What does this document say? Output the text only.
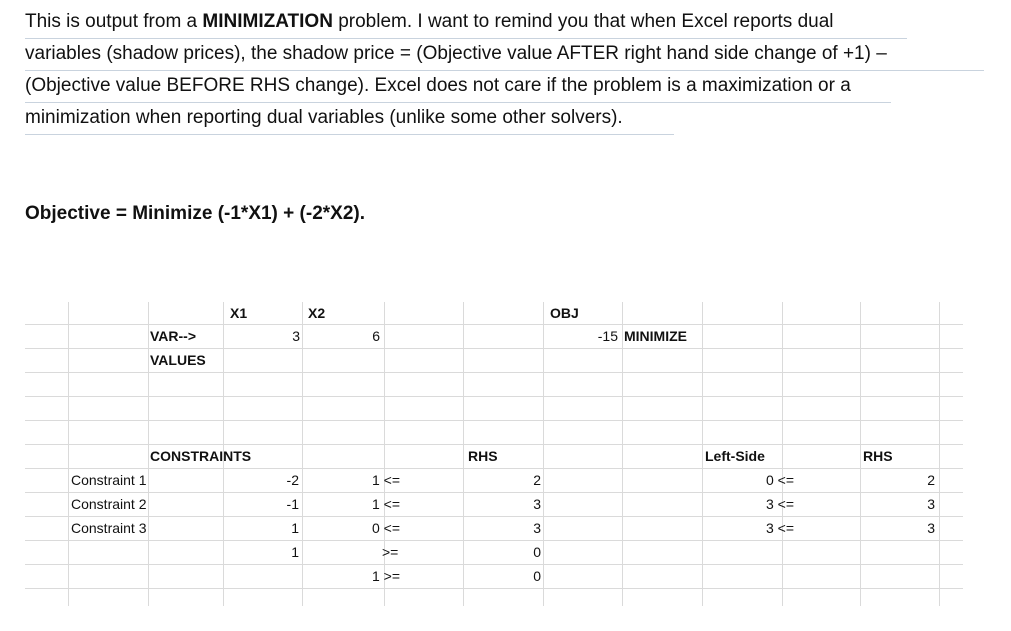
This is output from a MINIMIZATION problem. I want to remind you that when Excel reports dual
variables (shadow prices), the shadow price = (Objective value AFTER right hand side change of +1) –
(Objective value BEFORE RHS change). Excel does not care if the problem is a maximization or a
minimization when reporting dual variables (unlike some other solvers).
Objective = Minimize (-1*X1) + (-2*X2).
X1	X2	OBJ
VAR-->	3	6	-15 MINIMIZE
VALUES
CONSTRAINTS	RHS	Left-Side	RHS
Constraint 1	-2	1 <=	2	0 <=	2
Constraint 2	-1	1 <=	3	3 <=	3
Constraint 3	1	0 <=	3	3 <=	3
1	>=	0
1 >=	0
